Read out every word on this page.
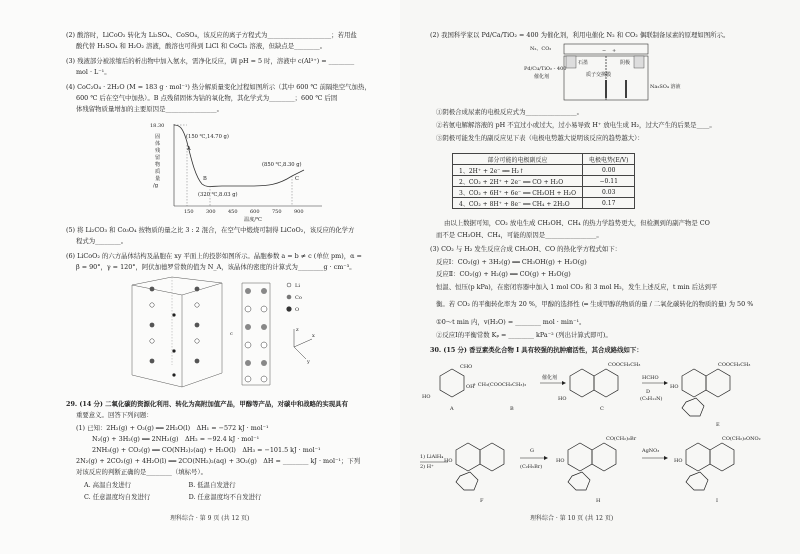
(2) 酸溶时，LiCoO₂ 转化为 Li₂SO₄、CoSO₄，该反应的离子方程式为____________________；若用盐
酸代替 H₂SO₄ 和 H₂O₂ 溶液，酸溶也可得到 LiCl 和 CoCl₂ 溶液，但缺点是________。
(3) 残液部分被浓缩后的析出物中加入氨水，需净化反应，调 pH = 5 时，溶液中 c(Al³⁺) = ________
mol · L⁻¹。
(4) CoC₂O₄ · 2H₂O (M = 183 g · mol⁻¹) 热分解质量变化过程如图所示（其中 600 ℃ 前隔绝空气加热，
600 ℃ 后在空气中加热）。B 点残留固体为钴的氧化物，其化学式为________；600 ℃ 后固
体残留物质量增加的主要原因是________________。
固
体
残
留
物
质
量
/g
18.30
(150 ℃,14.70 g)
A
B
(320 ℃,8.03 g)
(850 ℃,8.30 g)
C
150 300 450 600 750 900
温度/℃
(5) 将 Li₂CO₃ 和 Co₃O₄ 按物质的量之比 3 : 2 混合，在空气中煅烧可制得 LiCoO₂，该反应的化学方
程式为________。
(6) LiCoO₂ 的六方晶体结构及晶胞在 xy 平面上的投影如图所示。晶胞参数 a = b ≠ c (单位 pm)，α =
β = 90°，γ = 120°，阿伏加德罗常数的值为 N_A，该晶体的密度的计算式为________g · cm⁻³。
c
Li
Co
O
z
x
y
29. (14 分) 二氧化碳的资源化利用、转化为高附加值产品，甲醇等产品，对碳中和战略的实现具有
重要意义。回答下列问题：
(1) 已知：2H₂(g) + O₂(g) ══ 2H₂O(l)　ΔH₁ = −572 kJ · mol⁻¹
N₂(g) + 3H₂(g) ══ 2NH₃(g)　ΔH₂ = −92.4 kJ · mol⁻¹
2NH₃(g) + CO₂(g) ══ CO(NH₂)₂(aq) + H₂O(l)　ΔH₃ = −101.5 kJ · mol⁻¹
2N₂(g) + 2CO₂(g) + 4H₂O(l) ══ 2CO(NH₂)₂(aq) + 3O₂(g)　ΔH = ________ kJ · mol⁻¹；下列
对该反应的判断正确的是________（填标号）。
A. 高温自发进行　　　　　　　　　B. 低温自发进行
C. 任意温度均自发进行　　　　　　D. 任意温度均不自发进行
理科综合 · 第 9 页 (共 12 页)
(2) 我国科学家以 Pd/Ca/TiO₂ = 400 为催化剂，利用电催化 N₂ 和 CO₂ 偶联制备尿素的原理如图所示。
− +
石墨	阴极
质子交换膜
N₂、CO₂
Pd/Cu/TiO₂ - 400
催化剂
Na₂SO₄ 溶液
①阴极合成尿素的电极反应式为________________。
②若氨电解解溶液的 pH 不宜过小或过大，过小易导致 H⁺ 放电生成 H₂，过大产生的后果是____。
③阴极可能发生的副反应见下表（电极电势越大说明该反应的趋势越大）：
部分可能的电极副反应	电极电势(E/V)
1、2H⁺ + 2e⁻ ══ H₂↑	0.00
2、CO₂ + 2H⁺ + 2e⁻ ══ CO + H₂O	−0.11
3、CO₂ + 6H⁺ + 6e⁻ ══ CH₃OH + H₂O	0.03
4、CO₂ + 8H⁺ + 8e⁻ ══ CH₄ + 2H₂O	0.17
由以上数据可知，CO₂ 放电生成 CH₃OH、CH₄ 的热力学趋势更大，但检测到的副产物是 CO
而不是 CH₃OH、CH₄，可能的原因是________________。
(3) CO₂ 与 H₂ 发生反应合成 CH₃OH、CO 的热化学方程式如下：
反应Ⅰ：CO₂(g) + 3H₂(g) ══ CH₃OH(g) + H₂O(g)
反应Ⅱ：CO₂(g) + H₂(g) ══ CO(g) + H₂O(g)
恒温、恒压(p kPa)，在密闭容器中加入 1 mol CO₂ 和 3 mol H₂，发生上述反应，t min 后达到平
衡。若 CO₂ 的平衡转化率为 20 %，甲醇的选择性 (═ 生成甲醇的物质的量 / 二氧化碳转化的物质的量) 为 50 %
①0～t min 内，v(H₂O) = ________ mol · min⁻¹。
②反应Ⅰ的平衡常数 Kₚ = ________ kPa⁻² (列出计算式即可)。
30. (15 分) 香豆素类化合物 I 具有较强的抗肿瘤活性，其合成路线如下：
CHO
HO
OH
A
+ CH₃(COOCH₂CH₃)₂
B
催化剂
COOCH₂CH₃
HO
C
HCHO
D
(C₅H₁₁N)
COOCH₂CH₃
HO
E
1) LiAlH₄
2) H⁺
HO
F
G
(C₂H₅Br)
CO(CH₂)₂Br
HO
H
AgNO₃
CO(CH₂)₂ONO₂
HO
I
理科综合 · 第 10 页 (共 12 页)
